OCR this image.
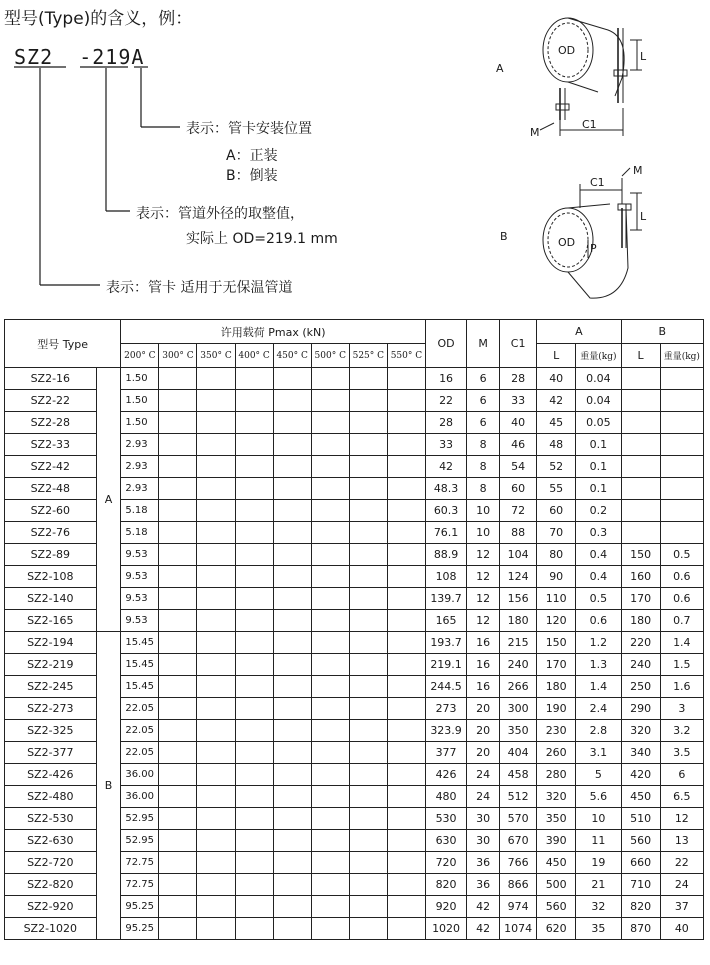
型号(Type)的含义，例：
SZ2 -219A
表示：管卡安装位置
A：正装
B：倒装
表示：管道外径的取整值，
实际上 OD=219.1 mm
表示：管卡 适用于无保温管道
A
OD	L
C1
M
B	OD P
L
C1
M
型号 Type		许用载荷 Pmax (kN)								OD	M	C1	A		B	
		200° C	300° C	350° C	400° C	450° C	500° C	525° C	550° C				L	重量(kg)	L	重量(kg)
SZ2-16	A	1.50								16	6	28	40	0.04		
SZ2-22		1.50								22	6	33	42	0.04		
SZ2-28		1.50								28	6	40	45	0.05		
SZ2-33		2.93								33	8	46	48	0.1		
SZ2-42		2.93								42	8	54	52	0.1		
SZ2-48		2.93								48.3	8	60	55	0.1		
SZ2-60		5.18								60.3	10	72	60	0.2		
SZ2-76		5.18								76.1	10	88	70	0.3		
SZ2-89		9.53								88.9	12	104	80	0.4	150	0.5
SZ2-108		9.53								108	12	124	90	0.4	160	0.6
SZ2-140		9.53								139.7	12	156	110	0.5	170	0.6
SZ2-165		9.53								165	12	180	120	0.6	180	0.7
SZ2-194	B	15.45								193.7	16	215	150	1.2	220	1.4
SZ2-219		15.45								219.1	16	240	170	1.3	240	1.5
SZ2-245		15.45								244.5	16	266	180	1.4	250	1.6
SZ2-273		22.05								273	20	300	190	2.4	290	3
SZ2-325		22.05								323.9	20	350	230	2.8	320	3.2
SZ2-377		22.05								377	20	404	260	3.1	340	3.5
SZ2-426		36.00								426	24	458	280	5	420	6
SZ2-480		36.00								480	24	512	320	5.6	450	6.5
SZ2-530		52.95								530	30	570	350	10	510	12
SZ2-630		52.95								630	30	670	390	11	560	13
SZ2-720		72.75								720	36	766	450	19	660	22
SZ2-820		72.75								820	36	866	500	21	710	24
SZ2-920		95.25								920	42	974	560	32	820	37
SZ2-1020		95.25								1020	42	1074	620	35	870	40
